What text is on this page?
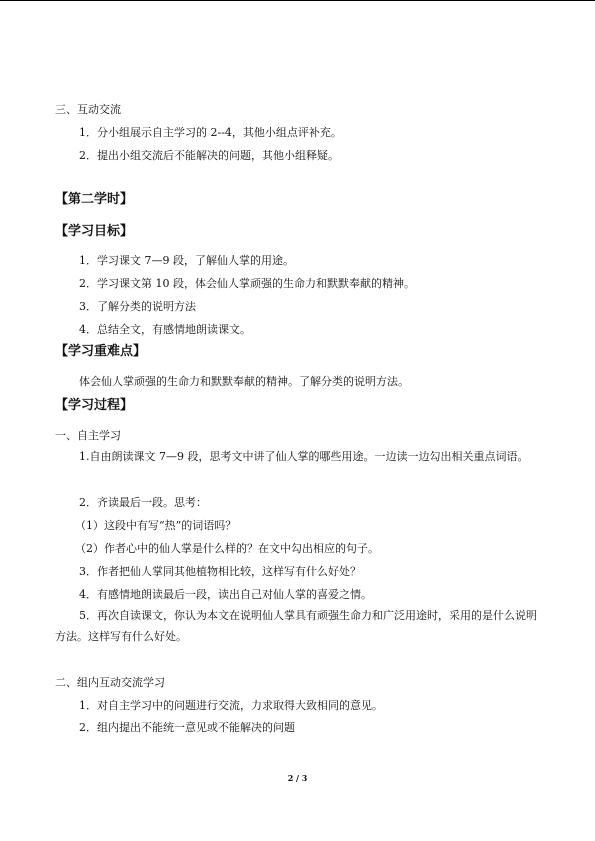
三、互动交流
1．分小组展示自主学习的 2--4，其他小组点评补充。
2．提出小组交流后不能解决的问题，其他小组释疑。
【第二学时】
【学习目标】
1．学习课文 7—9 段，了解仙人掌的用途。
2．学习课文第 10 段，体会仙人掌顽强的生命力和默默奉献的精神。
3．了解分类的说明方法
4．总结全文，有感情地朗读课文。
【学习重难点】
体会仙人掌顽强的生命力和默默奉献的精神。了解分类的说明方法。
【学习过程】
一、自主学习
1.自由朗读课文 7—9 段，思考文中讲了仙人掌的哪些用途。一边读一边勾出相关重点词语。
2．齐读最后一段。思考：
（1）这段中有写“热”的词语吗？
（2）作者心中的仙人掌是什么样的？在文中勾出相应的句子。
3．作者把仙人掌同其他植物相比较，这样写有什么好处？
4．有感情地朗读最后一段，读出自己对仙人掌的喜爱之情。
5．再次自读课文，你认为本文在说明仙人掌具有顽强生命力和广泛用途时，采用的是什么说明方法。这样写有什么好处。
二、组内互动交流学习
1．对自主学习中的问题进行交流，力求取得大致相同的意见。
2．组内提出不能统一意见或不能解决的问题
2 / 3
